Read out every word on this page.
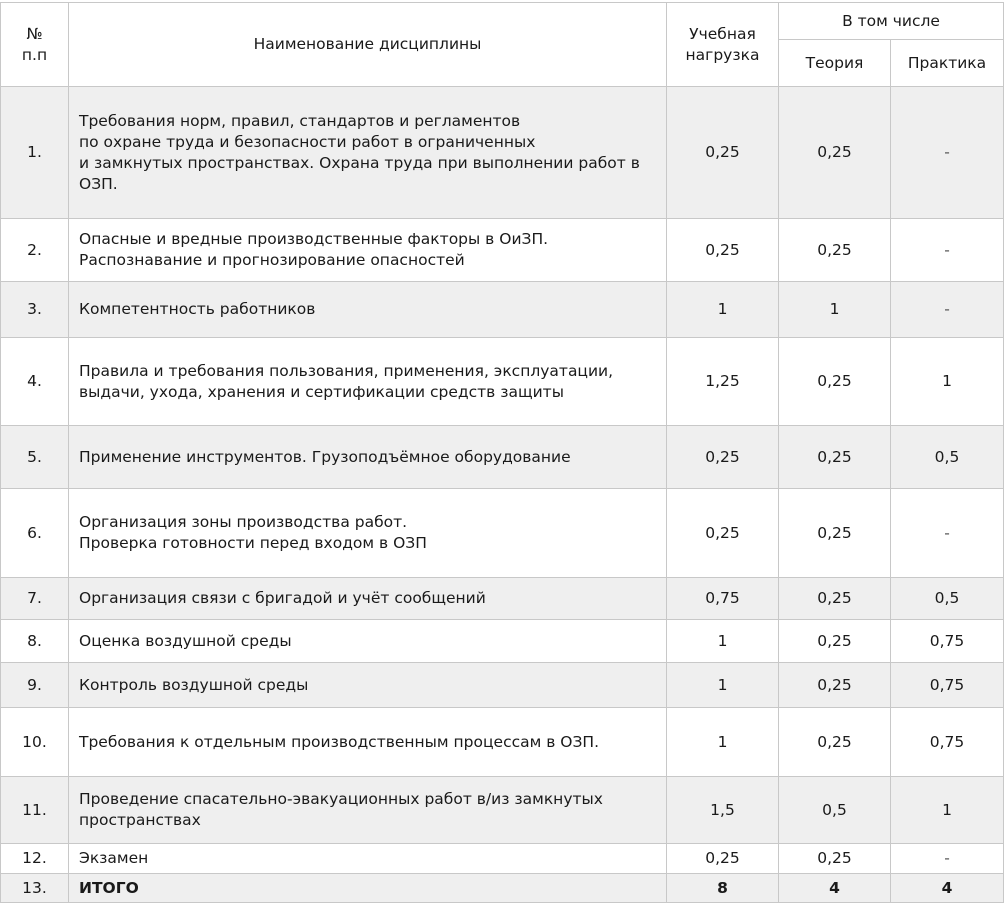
№
п.п	Наименование дисциплины	Учебная нагрузка	В том числе	
			Теория	Практика
1.	Требования норм, правил, стандартов и регламентов
по охране труда и безопасности работ в ограниченных
и замкнутых пространствах. Охрана труда при выполнении работ в ОЗП.	0,25	0,25	-
2.	Опасные и вредные производственные факторы в ОиЗП.
Распознавание и прогнозирование опасностей	0,25	0,25	-
3.	Компетентность работников	1	1	-
4.	Правила и требования пользования, применения, эксплуатации,
выдачи, ухода, хранения и сертификации средств защиты	1,25	0,25	1
5.	Применение инструментов. Грузоподъёмное оборудование	0,25	0,25	0,5
6.	Организация зоны производства работ.
Проверка готовности перед входом в ОЗП	0,25	0,25	-
7.	Организация связи с бригадой и учёт сообщений	0,75	0,25	0,5
8.	Оценка воздушной среды	1	0,25	0,75
9.	Контроль воздушной среды	1	0,25	0,75
10.	Требования к отдельным производственным процессам в ОЗП.	1	0,25	0,75
11.	Проведение спасательно-эвакуационных работ в/из замкнутых
пространствах	1,5	0,5	1
12.	Экзамен	0,25	0,25	-
13.	ИТОГО	8	4	4
